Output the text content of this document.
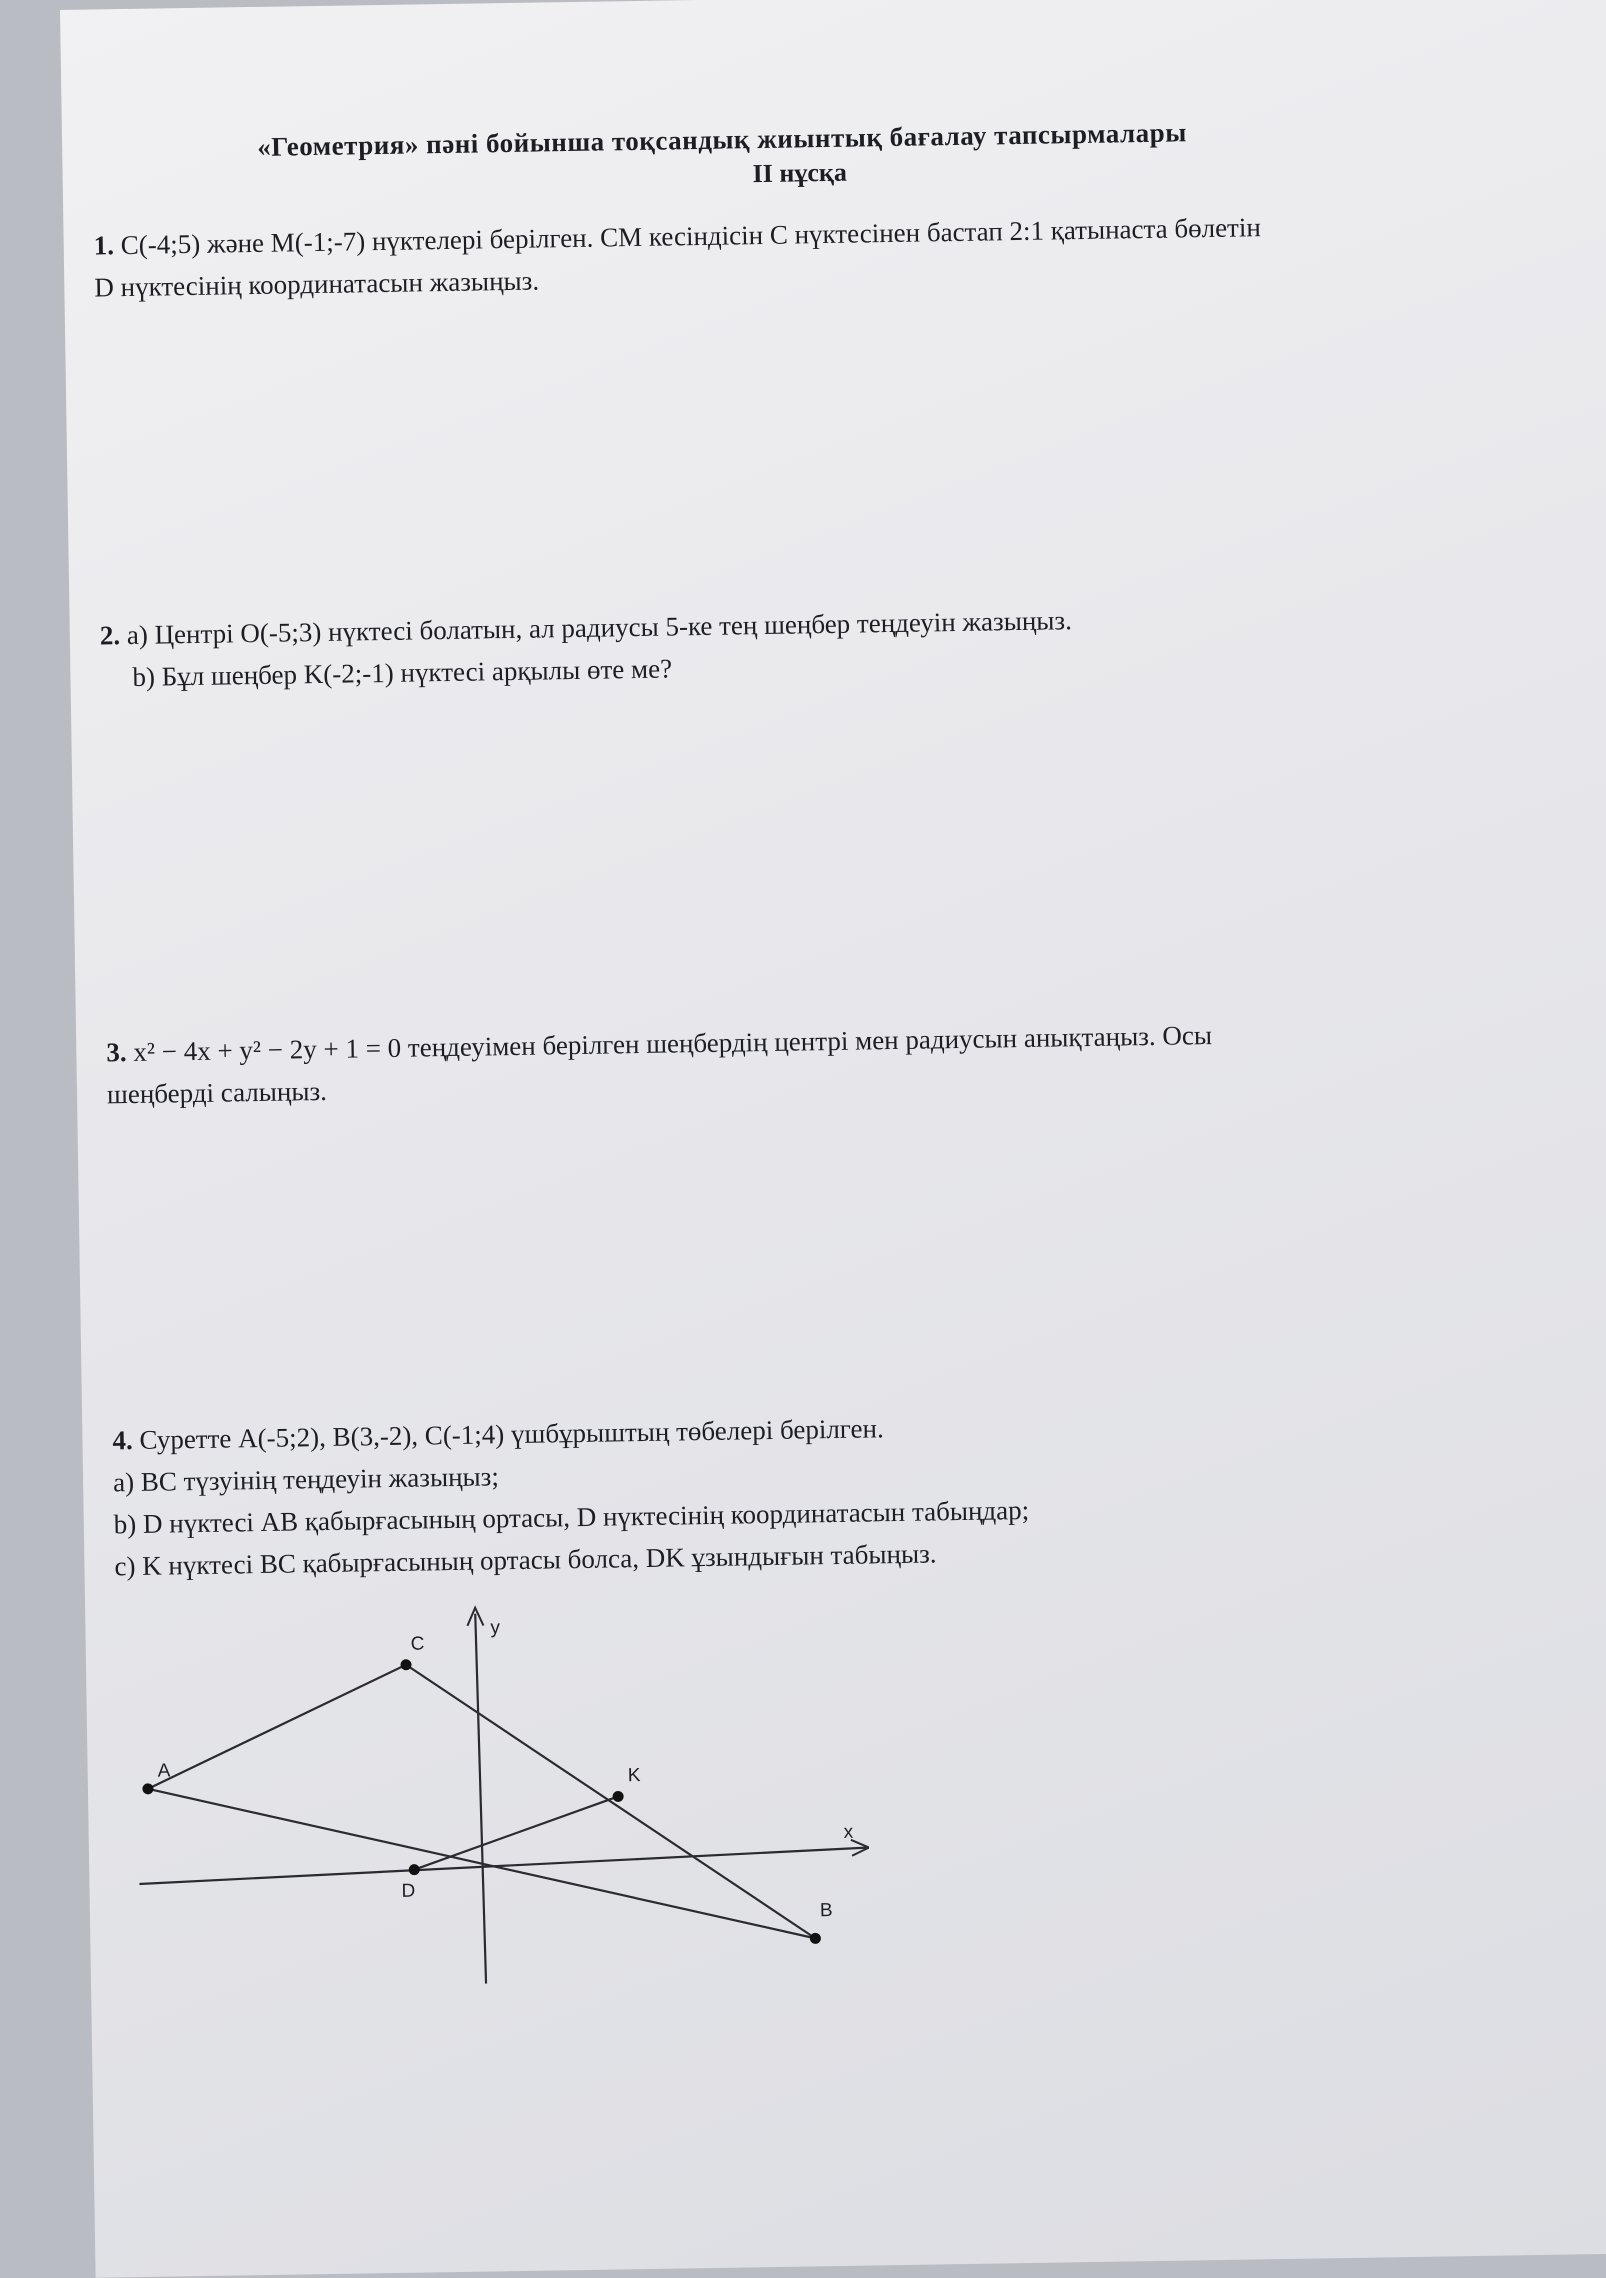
«Геометрия» пәні бойынша тоқсандық жиынтық бағалау тапсырмалары
II нұсқа
1. C(-4;5) және M(-1;-7) нүктелері берілген. CM кесіндісін C нүктесінен бастап 2:1 қатынаста бөлетін
D нүктесінің координатасын жазыңыз.
2. a) Центрі O(-5;3) нүктесі болатын, ал радиусы 5-ке тең шеңбер теңдеуін жазыңыз.
b) Бұл шеңбер K(-2;-1) нүктесі арқылы өте ме?
3. x² − 4x + y² − 2y + 1 = 0 теңдеуімен берілген шеңбердің центрі мен радиусын анықтаңыз. Осы
шеңберді салыңыз.
4. Суретте A(-5;2), B(3,-2), C(-1;4) үшбұрыштың төбелері берілген.
a) BC түзуінің теңдеуін жазыңыз;
b) D нүктесі AB қабырғасының ортасы, D нүктесінің координатасын табыңдар;
c) K нүктесі BC қабырғасының ортасы болса, DK ұзындығын табыңыз.
A
C
B
D
K
y
x
